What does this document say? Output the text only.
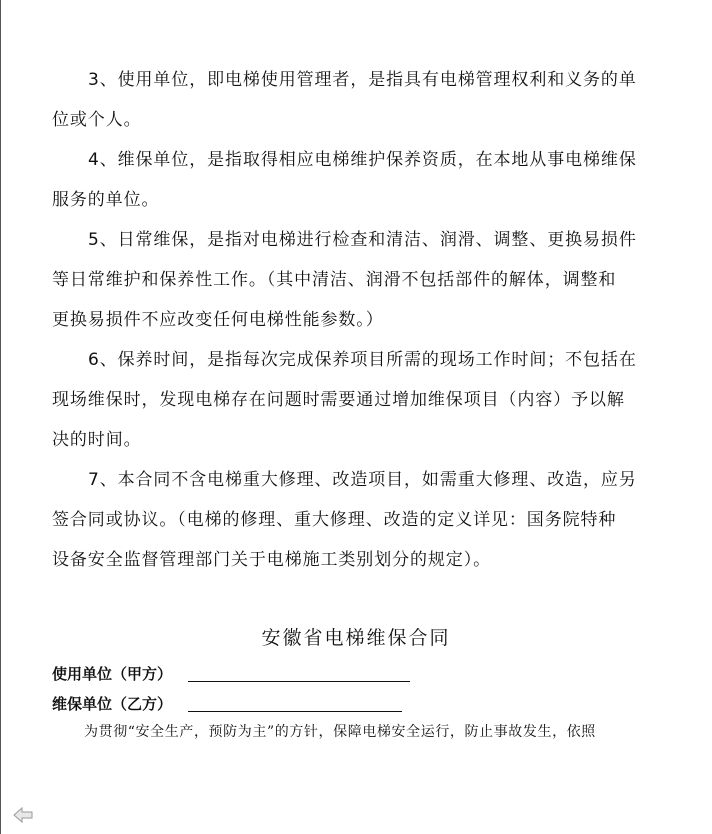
3、使用单位，即电梯使用管理者，是指具有电梯管理权利和义务的单
位或个人。
4、维保单位，是指取得相应电梯维护保养资质，在本地从事电梯维保
服务的单位。
5、日常维保，是指对电梯进行检查和清洁、润滑、调整、更换易损件
等日常维护和保养性工作。（其中清洁、润滑不包括部件的解体，调整和
更换易损件不应改变任何电梯性能参数。）
6、保养时间，是指每次完成保养项目所需的现场工作时间；不包括在
现场维保时，发现电梯存在问题时需要通过增加维保项目（内容）予以解
决的时间。
7、本合同不含电梯重大修理、改造项目，如需重大修理、改造，应另
签合同或协议。（电梯的修理、重大修理、改造的定义详见：国务院特种
设备安全监督管理部门关于电梯施工类别划分的规定）。
安徽省电梯维保合同
使用单位（甲方）
维保单位（乙方）
为贯彻“安全生产，预防为主”的方针，保障电梯安全运行，防止事故发生，依照
